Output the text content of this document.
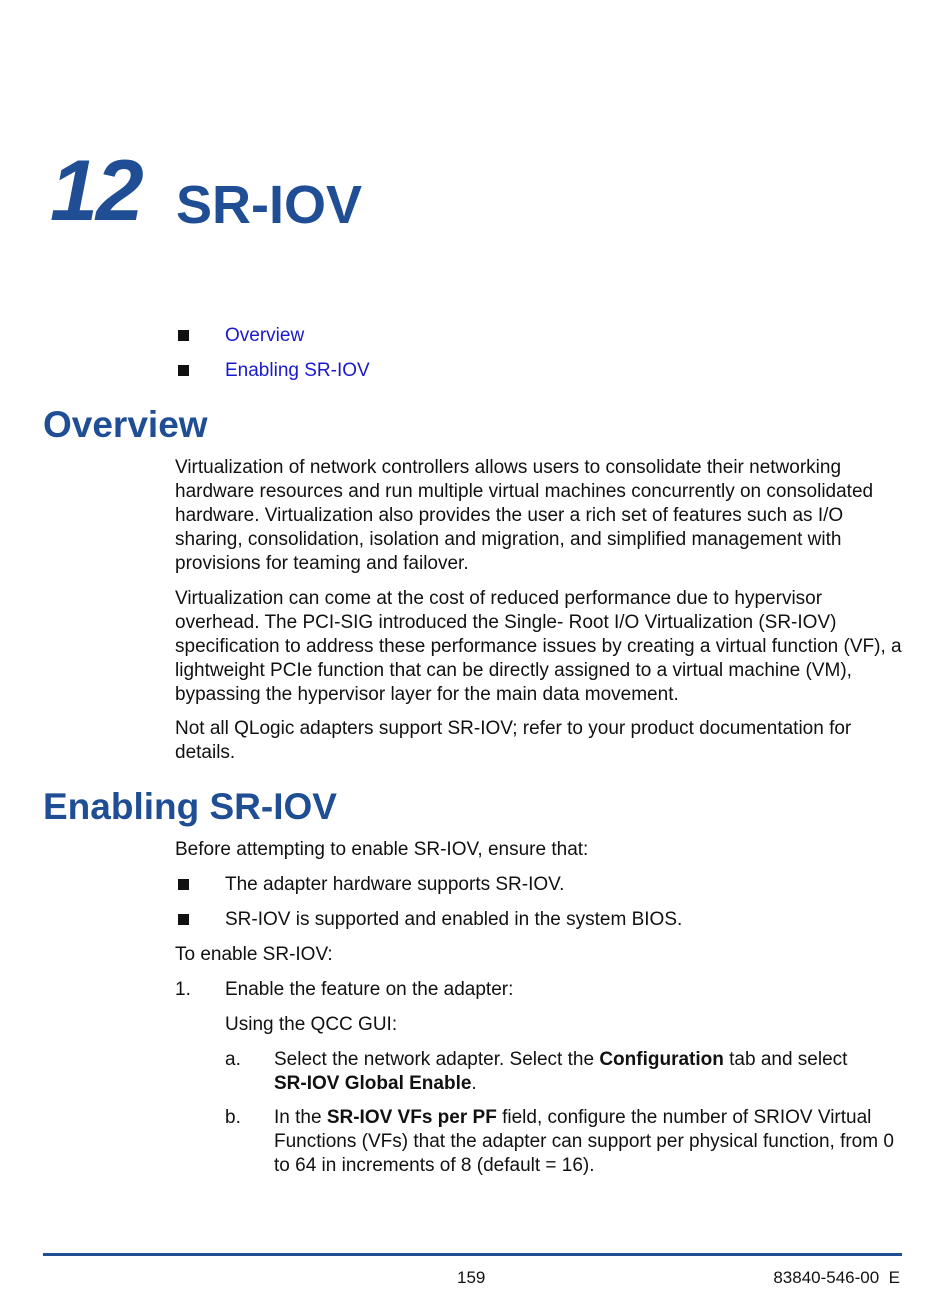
12 SR-IOV
Overview
Enabling SR-IOV
Overview

Virtualization of network controllers allows users to consolidate their networking hardware resources and run multiple virtual machines concurrently on consolidated hardware. Virtualization also provides the user a rich set of features such as I/O sharing, consolidation, isolation and migration, and simplified management with provisions for teaming and failover.

Virtualization can come at the cost of reduced performance due to hypervisor overhead. The PCI-SIG introduced the Single- Root I/O Virtualization (SR-IOV) specification to address these performance issues by creating a virtual function (VF), a lightweight PCIe function that can be directly assigned to a virtual machine (VM), bypassing the hypervisor layer for the main data movement.

Not all QLogic adapters support SR-IOV; refer to your product documentation for details.

Enabling SR-IOV
Before attempting to enable SR-IOV, ensure that:
The adapter hardware supports SR-IOV.
SR-IOV is supported and enabled in the system BIOS.
To enable SR-IOV:
1. Enable the feature on the adapter:
Using the QCC GUI:
a. Select the network adapter. Select the Configuration tab and select
SR-IOV Global Enable.

b. In the SR-IOV VFs per PF field, configure the number of SRIOV Virtual Functions (VFs) that the adapter can support per physical function, from 0 to 64 in increments of 8 (default = 16).

159	83840-546-00  E
